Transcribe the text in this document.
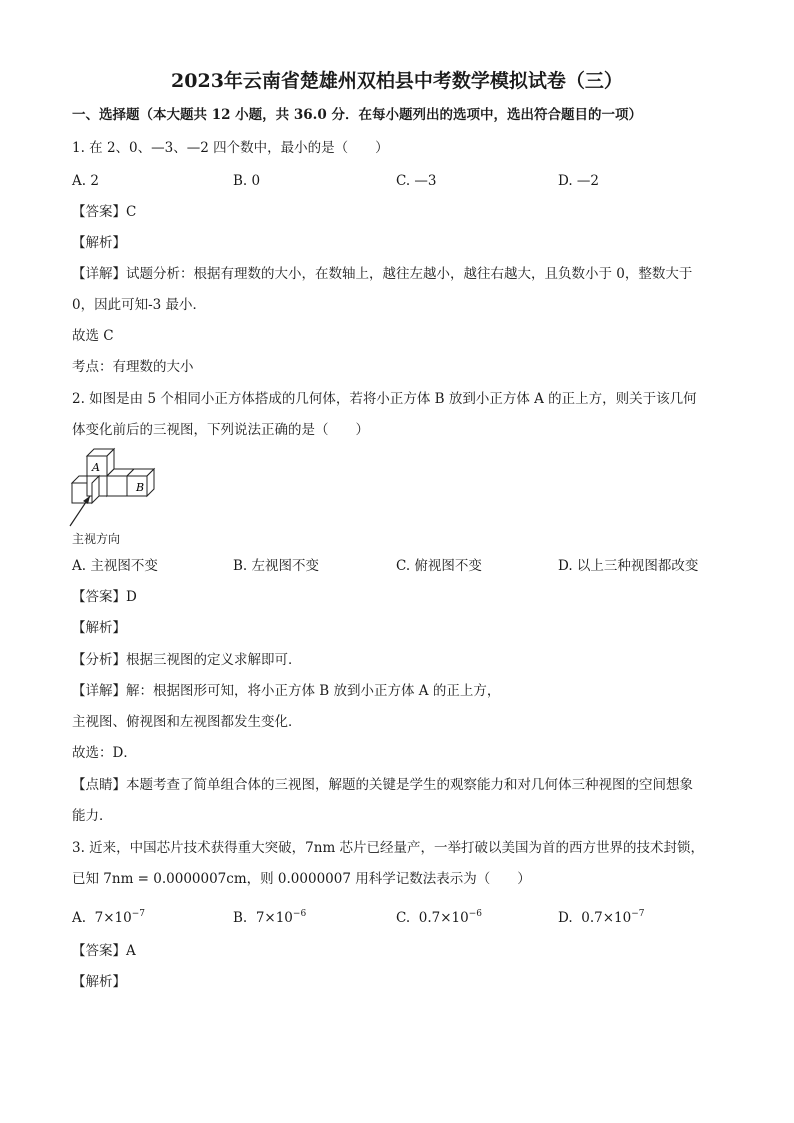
2023年云南省楚雄州双柏县中考数学模拟试卷（三）
一、选择题（本大题共 12 小题，共 36.0 分．在每小题列出的选项中，选出符合题目的一项）
1. 在 2、0、—3、—2 四个数中，最小的是（　　）
A. 2	B. 0	C. —3	D. —2
【答案】C
【解析】
【详解】试题分析：根据有理数的大小，在数轴上，越往左越小，越往右越大，且负数小于 0，整数大于
0，因此可知-3 最小．
故选 C
考点：有理数的大小
2. 如图是由 5 个相同小正方体搭成的几何体，若将小正方体 B 放到小正方体 A 的正上方，则关于该几何
体变化前后的三视图，下列说法正确的是（　　）
A
B
主视方向
A. 主视图不变	B. 左视图不变	C. 俯视图不变	D. 以上三种视图都改变
【答案】D
【解析】
【分析】根据三视图的定义求解即可．
【详解】解：根据图形可知，将小正方体 B 放到小正方体 A 的正上方，
主视图、俯视图和左视图都发生变化．
故选：D．
【点睛】本题考查了简单组合体的三视图，解题的关键是学生的观察能力和对几何体三种视图的空间想象
能力．
3. 近来，中国芯片技术获得重大突破，7nm 芯片已经量产，一举打破以美国为首的西方世界的技术封锁，
已知 7nm = 0.0000007cm，则 0.0000007 用科学记数法表示为（　　）
A. $7\times 10^{-7}$	B. $7\times 10^{-6}$	C. $0.7\times 10^{-6}$	D. $0.7\times 10^{-7}$
【答案】A
【解析】
